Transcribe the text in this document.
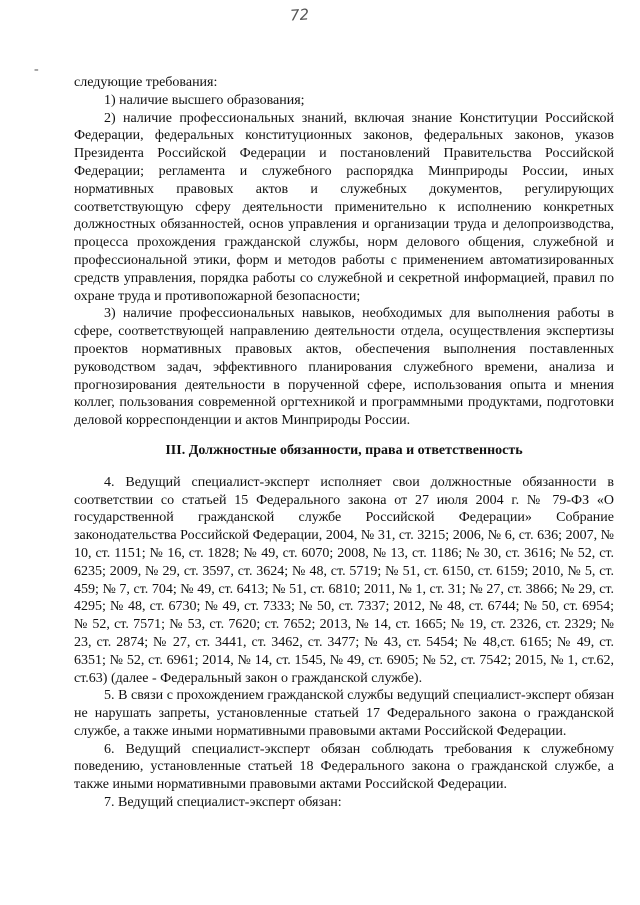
72
-

следующие требования:

1) наличие высшего образования;

2) наличие профессиональных знаний, включая знание Конституции Российской Федерации, федеральных конституционных законов, федеральных законов, указов Президента Российской Федерации и постановлений Правительства Российской Федерации; регламента и служебного распорядка Минприроды России, иных нормативных правовых актов и служебных документов, регулирующих соответствующую сферу деятельности применительно к исполнению конкретных должностных обязанностей, основ управления и организации труда и делопроизводства, процесса прохождения гражданской службы, норм делового общения, служебной и профессиональной этики, форм и методов работы с применением автоматизированных средств управления, порядка работы со служебной и секретной информацией, правил по охране труда и противопожарной безопасности;

3) наличие профессиональных навыков, необходимых для выполнения работы в сфере, соответствующей направлению деятельности отдела, осуществления экспертизы проектов нормативных правовых актов, обеспечения выполнения поставленных руководством задач, эффективного планирования служебного времени, анализа и прогнозирования деятельности в порученной сфере, использования опыта и мнения коллег, пользования современной оргтехникой и программными продуктами, подготовки деловой корреспонденции и актов Минприроды России.

III. Должностные обязанности, права и ответственность

4. Ведущий специалист-эксперт исполняет свои должностные обязанности в соответствии со статьей 15 Федерального закона от 27 июля 2004 г. № 79-ФЗ «О государственной гражданской службе Российской Федерации» Собрание законодательства Российской Федерации, 2004, № 31, ст. 3215; 2006, № 6, ст. 636; 2007, № 10, ст. 1151; № 16, ст. 1828; № 49, ст. 6070; 2008, № 13, ст. 1186; № 30, ст. 3616; № 52, ст. 6235; 2009, № 29, ст. 3597, ст. 3624; № 48, ст. 5719; № 51, ст. 6150, ст. 6159; 2010, № 5, ст. 459; № 7, ст. 704; № 49, ст. 6413; № 51, ст. 6810; 2011, № 1, ст. 31; № 27, ст. 3866; № 29, ст. 4295; № 48, ст. 6730; № 49, ст. 7333; № 50, ст. 7337; 2012, № 48, ст. 6744; № 50, ст. 6954; № 52, ст. 7571; № 53, ст. 7620; ст. 7652; 2013, № 14, ст. 1665; № 19, ст. 2326, ст. 2329; № 23, ст. 2874; № 27, ст. 3441, ст. 3462, ст. 3477; № 43, ст. 5454; № 48,ст. 6165; № 49, ст. 6351; № 52, ст. 6961; 2014, № 14, ст. 1545, № 49, ст. 6905; № 52, ст. 7542; 2015, № 1, ст.62, ст.63) (далее - Федеральный закон о гражданской службе).

5. В связи с прохождением гражданской службы ведущий специалист-эксперт обязан не нарушать запреты, установленные статьей 17 Федерального закона о гражданской службе, а также иными нормативными правовыми актами Российской Федерации.

6. Ведущий специалист-эксперт обязан соблюдать требования к служебному поведению, установленные статьей 18 Федерального закона о гражданской службе, а также иными нормативными правовыми актами Российской Федерации.

7. Ведущий специалист-эксперт обязан:
